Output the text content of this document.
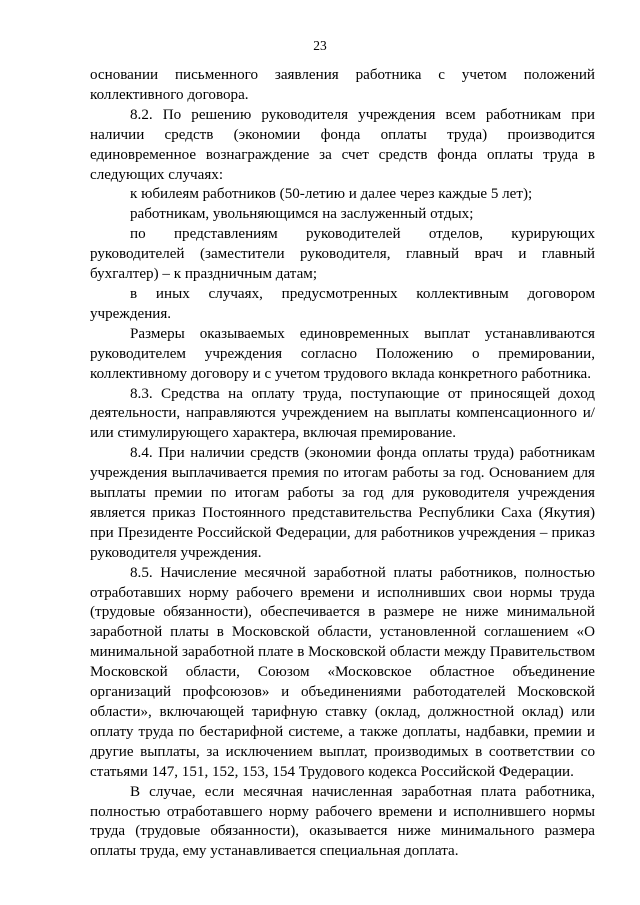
23

основании письменного заявления работника с учетом положений коллективного договора.

8.2. По решению руководителя учреждения всем работникам при наличии средств (экономии фонда оплаты труда) производится единовременное вознаграждение за счет средств фонда оплаты труда в следующих случаях:

к юбилеям работников (50-летию и далее через каждые 5 лет);

работникам, увольняющимся на заслуженный отдых;

по представлениям руководителей отделов, курирующих руководителей (заместители руководителя, главный врач и главный бухгалтер) – к праздничным датам;

в иных случаях, предусмотренных коллективным договором учреждения.

Размеры оказываемых единовременных выплат устанавливаются руководителем учреждения согласно Положению о премировании, коллективному договору и с учетом трудового вклада конкретного работника.

8.3. Средства на оплату труда, поступающие от приносящей доход деятельности, направляются учреждением на выплаты компенсационного и/или стимулирующего характера, включая премирование.

8.4. При наличии средств (экономии фонда оплаты труда) работникам учреждения выплачивается премия по итогам работы за год. Основанием для выплаты премии по итогам работы за год для руководителя учреждения является приказ Постоянного представительства Республики Саха (Якутия) при Президенте Российской Федерации, для работников учреждения – приказ руководителя учреждения.

8.5. Начисление месячной заработной платы работников, полностью отработавших норму рабочего времени и исполнивших свои нормы труда (трудовые обязанности), обеспечивается в размере не ниже минимальной заработной платы в Московской области, установленной соглашением «О минимальной заработной плате в Московской области между Правительством Московской области, Союзом «Московское областное объединение организаций профсоюзов» и объединениями работодателей Московской области», включающей тарифную ставку (оклад, должностной оклад) или оплату труда по бестарифной системе, а также доплаты, надбавки, премии и другие выплаты, за исключением выплат, производимых в соответствии со статьями 147, 151, 152, 153, 154 Трудового кодекса Российской Федерации.

В случае, если месячная начисленная заработная плата работника, полностью отработавшего норму рабочего времени и исполнившего нормы труда (трудовые обязанности), оказывается ниже минимального размера оплаты труда, ему устанавливается специальная доплата.
